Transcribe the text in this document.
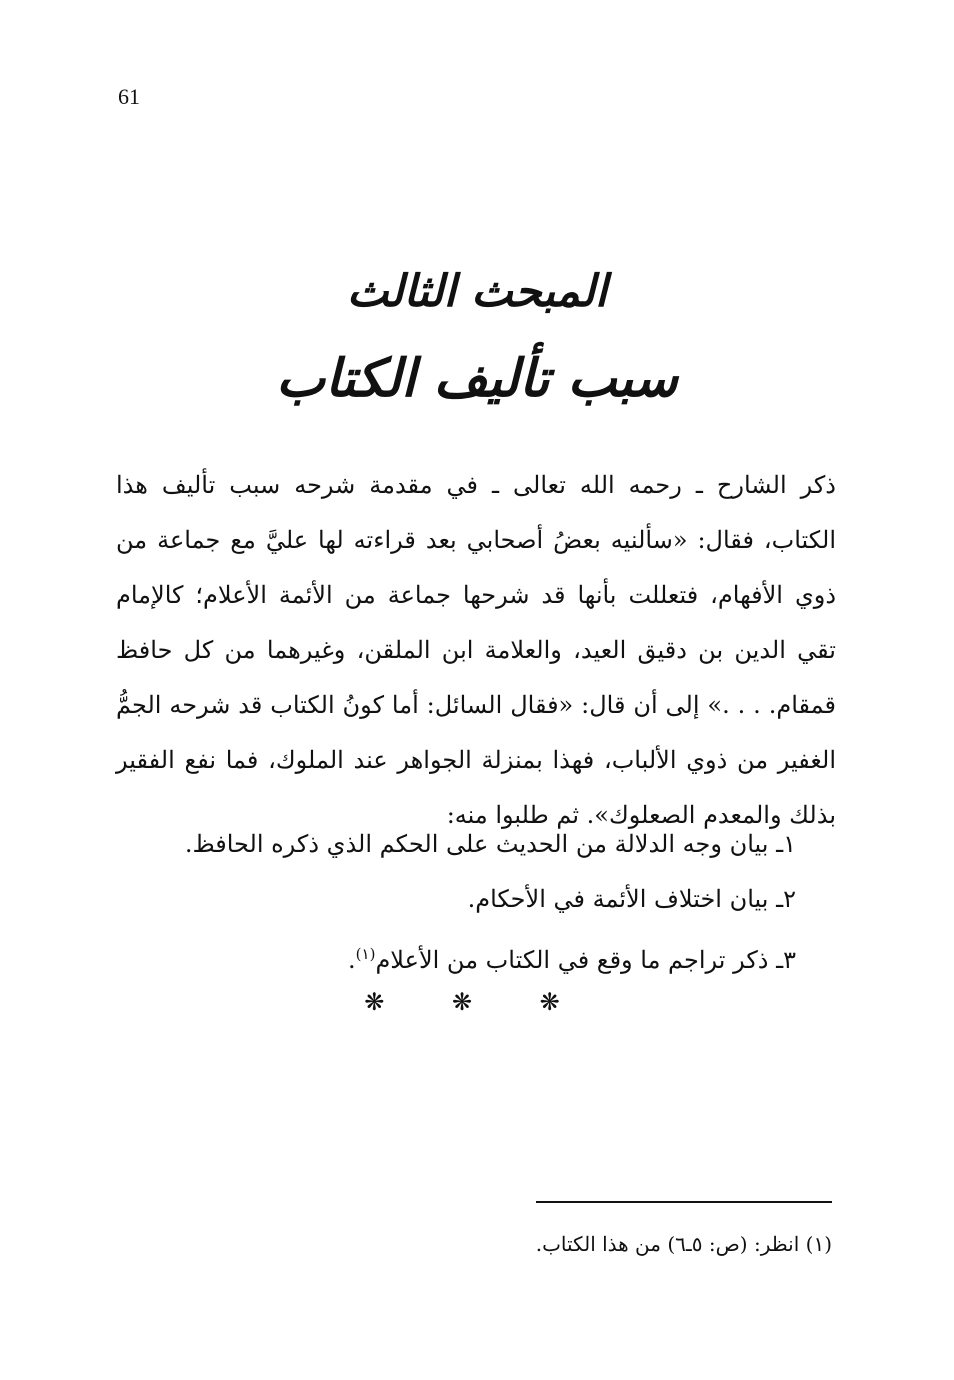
61
المبحث الثالث
سبب تأليف الكتاب
ذكر الشارح ـ رحمه الله تعالى ـ في مقدمة شرحه سبب تأليف هذا الكتاب، فقال: «سألنيه بعضُ أصحابي بعد قراءته لها عليَّ مع جماعة من ذوي الأفهام، فتعللت بأنها قد شرحها جماعة من الأئمة الأعلام؛ كالإمام تقي الدين بن دقيق العيد، والعلامة ابن الملقن، وغيرهما من كل حافظ قمقام. . . .» إلى أن قال: «فقال السائل: أما كونُ الكتاب قد شرحه الجمُّ الغفير من ذوي الألباب، فهذا بمنزلة الجواهر عند الملوك، فما نفع الفقير بذلك والمعدم الصعلوك». ثم طلبوا منه:
١ـ بيان وجه الدلالة من الحديث على الحكم الذي ذكره الحافظ.
٢ـ بيان اختلاف الأئمة في الأحكام.
٣ـ ذكر تراجم ما وقع في الكتاب من الأعلام$^{(١)}$.
❋ ❋ ❋
(١) انظر: (ص: ٥ـ٦) من هذا الكتاب.
